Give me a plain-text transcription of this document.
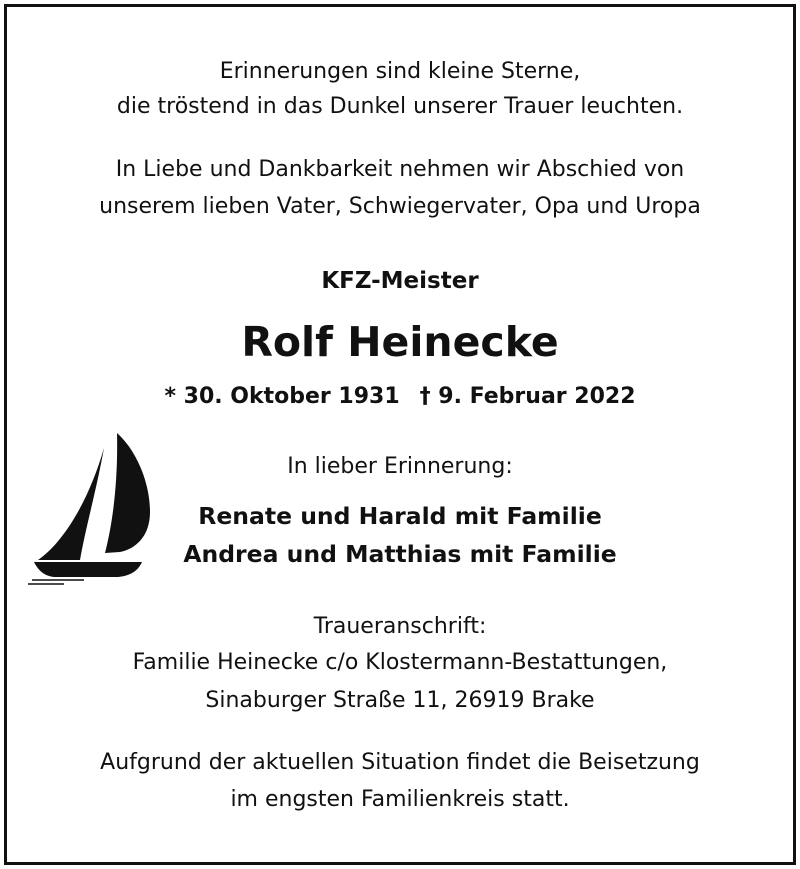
Erinnerungen sind kleine Sterne,
die tröstend in das Dunkel unserer Trauer leuchten.
In Liebe und Dankbarkeit nehmen wir Abschied von
unserem lieben Vater, Schwiegervater, Opa und Uropa
KFZ-Meister
Rolf Heinecke
* 30. Oktober 1931 † 9. Februar 2022
In lieber Erinnerung:
Renate und Harald mit Familie
Andrea und Matthias mit Familie
Traueranschrift:
Familie Heinecke c/o Klostermann-Bestattungen,
Sinaburger Straße 11, 26919 Brake
Aufgrund der aktuellen Situation findet die Beisetzung
im engsten Familienkreis statt.
